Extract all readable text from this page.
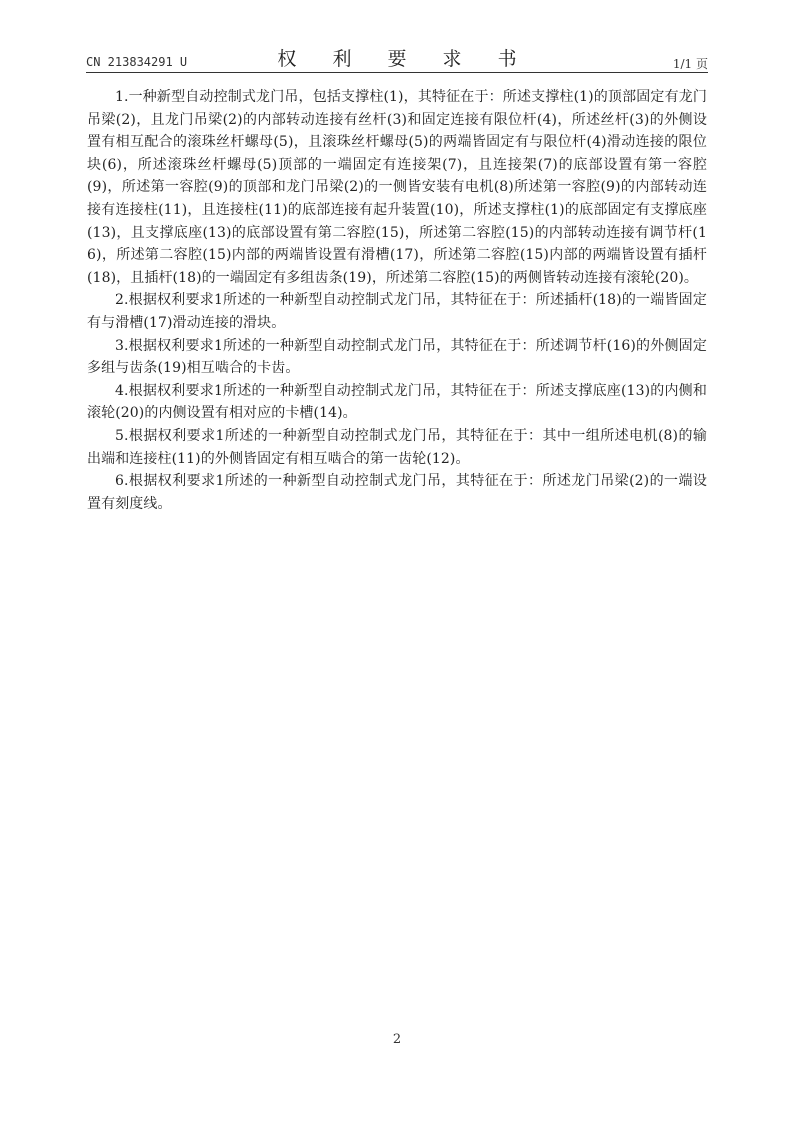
CN 213834291 U	权 利 要 求 书	1/1 页

1.一种新型自动控制式龙门吊，包括支撑柱(1)，其特征在于：所述支撑柱(1)的顶部固定有龙门吊梁(2)，且龙门吊梁(2)的内部转动连接有丝杆(3)和固定连接有限位杆(4)，所述丝杆(3)的外侧设置有相互配合的滚珠丝杆螺母(5)，且滚珠丝杆螺母(5)的两端皆固定有与限位杆(4)滑动连接的限位块(6)，所述滚珠丝杆螺母(5)顶部的一端固定有连接架(7)，且连接架(7)的底部设置有第一容腔(9)，所述第一容腔(9)的顶部和龙门吊梁(2)的一侧皆安装有电机(8)所述第一容腔(9)的内部转动连接有连接柱(11)，且连接柱(11)的底部连接有起升装置(10)，所述支撑柱(1)的底部固定有支撑底座(13)，且支撑底座(13)的底部设置有第二容腔(15)，所述第二容腔(15)的内部转动连接有调节杆(16)，所述第二容腔(15)内部的两端皆设置有滑槽(17)，所述第二容腔(15)内部的两端皆设置有插杆(18)，且插杆(18)的一端固定有多组齿条(19)，所述第二容腔(15)的两侧皆转动连接有滚轮(20)。

2.根据权利要求1所述的一种新型自动控制式龙门吊，其特征在于：所述插杆(18)的一端皆固定有与滑槽(17)滑动连接的滑块。

3.根据权利要求1所述的一种新型自动控制式龙门吊，其特征在于：所述调节杆(16)的外侧固定多组与齿条(19)相互啮合的卡齿。

4.根据权利要求1所述的一种新型自动控制式龙门吊，其特征在于：所述支撑底座(13)的内侧和滚轮(20)的内侧设置有相对应的卡槽(14)。

5.根据权利要求1所述的一种新型自动控制式龙门吊，其特征在于：其中一组所述电机(8)的输出端和连接柱(11)的外侧皆固定有相互啮合的第一齿轮(12)。

6.根据权利要求1所述的一种新型自动控制式龙门吊，其特征在于：所述龙门吊梁(2)的一端设置有刻度线。

2
